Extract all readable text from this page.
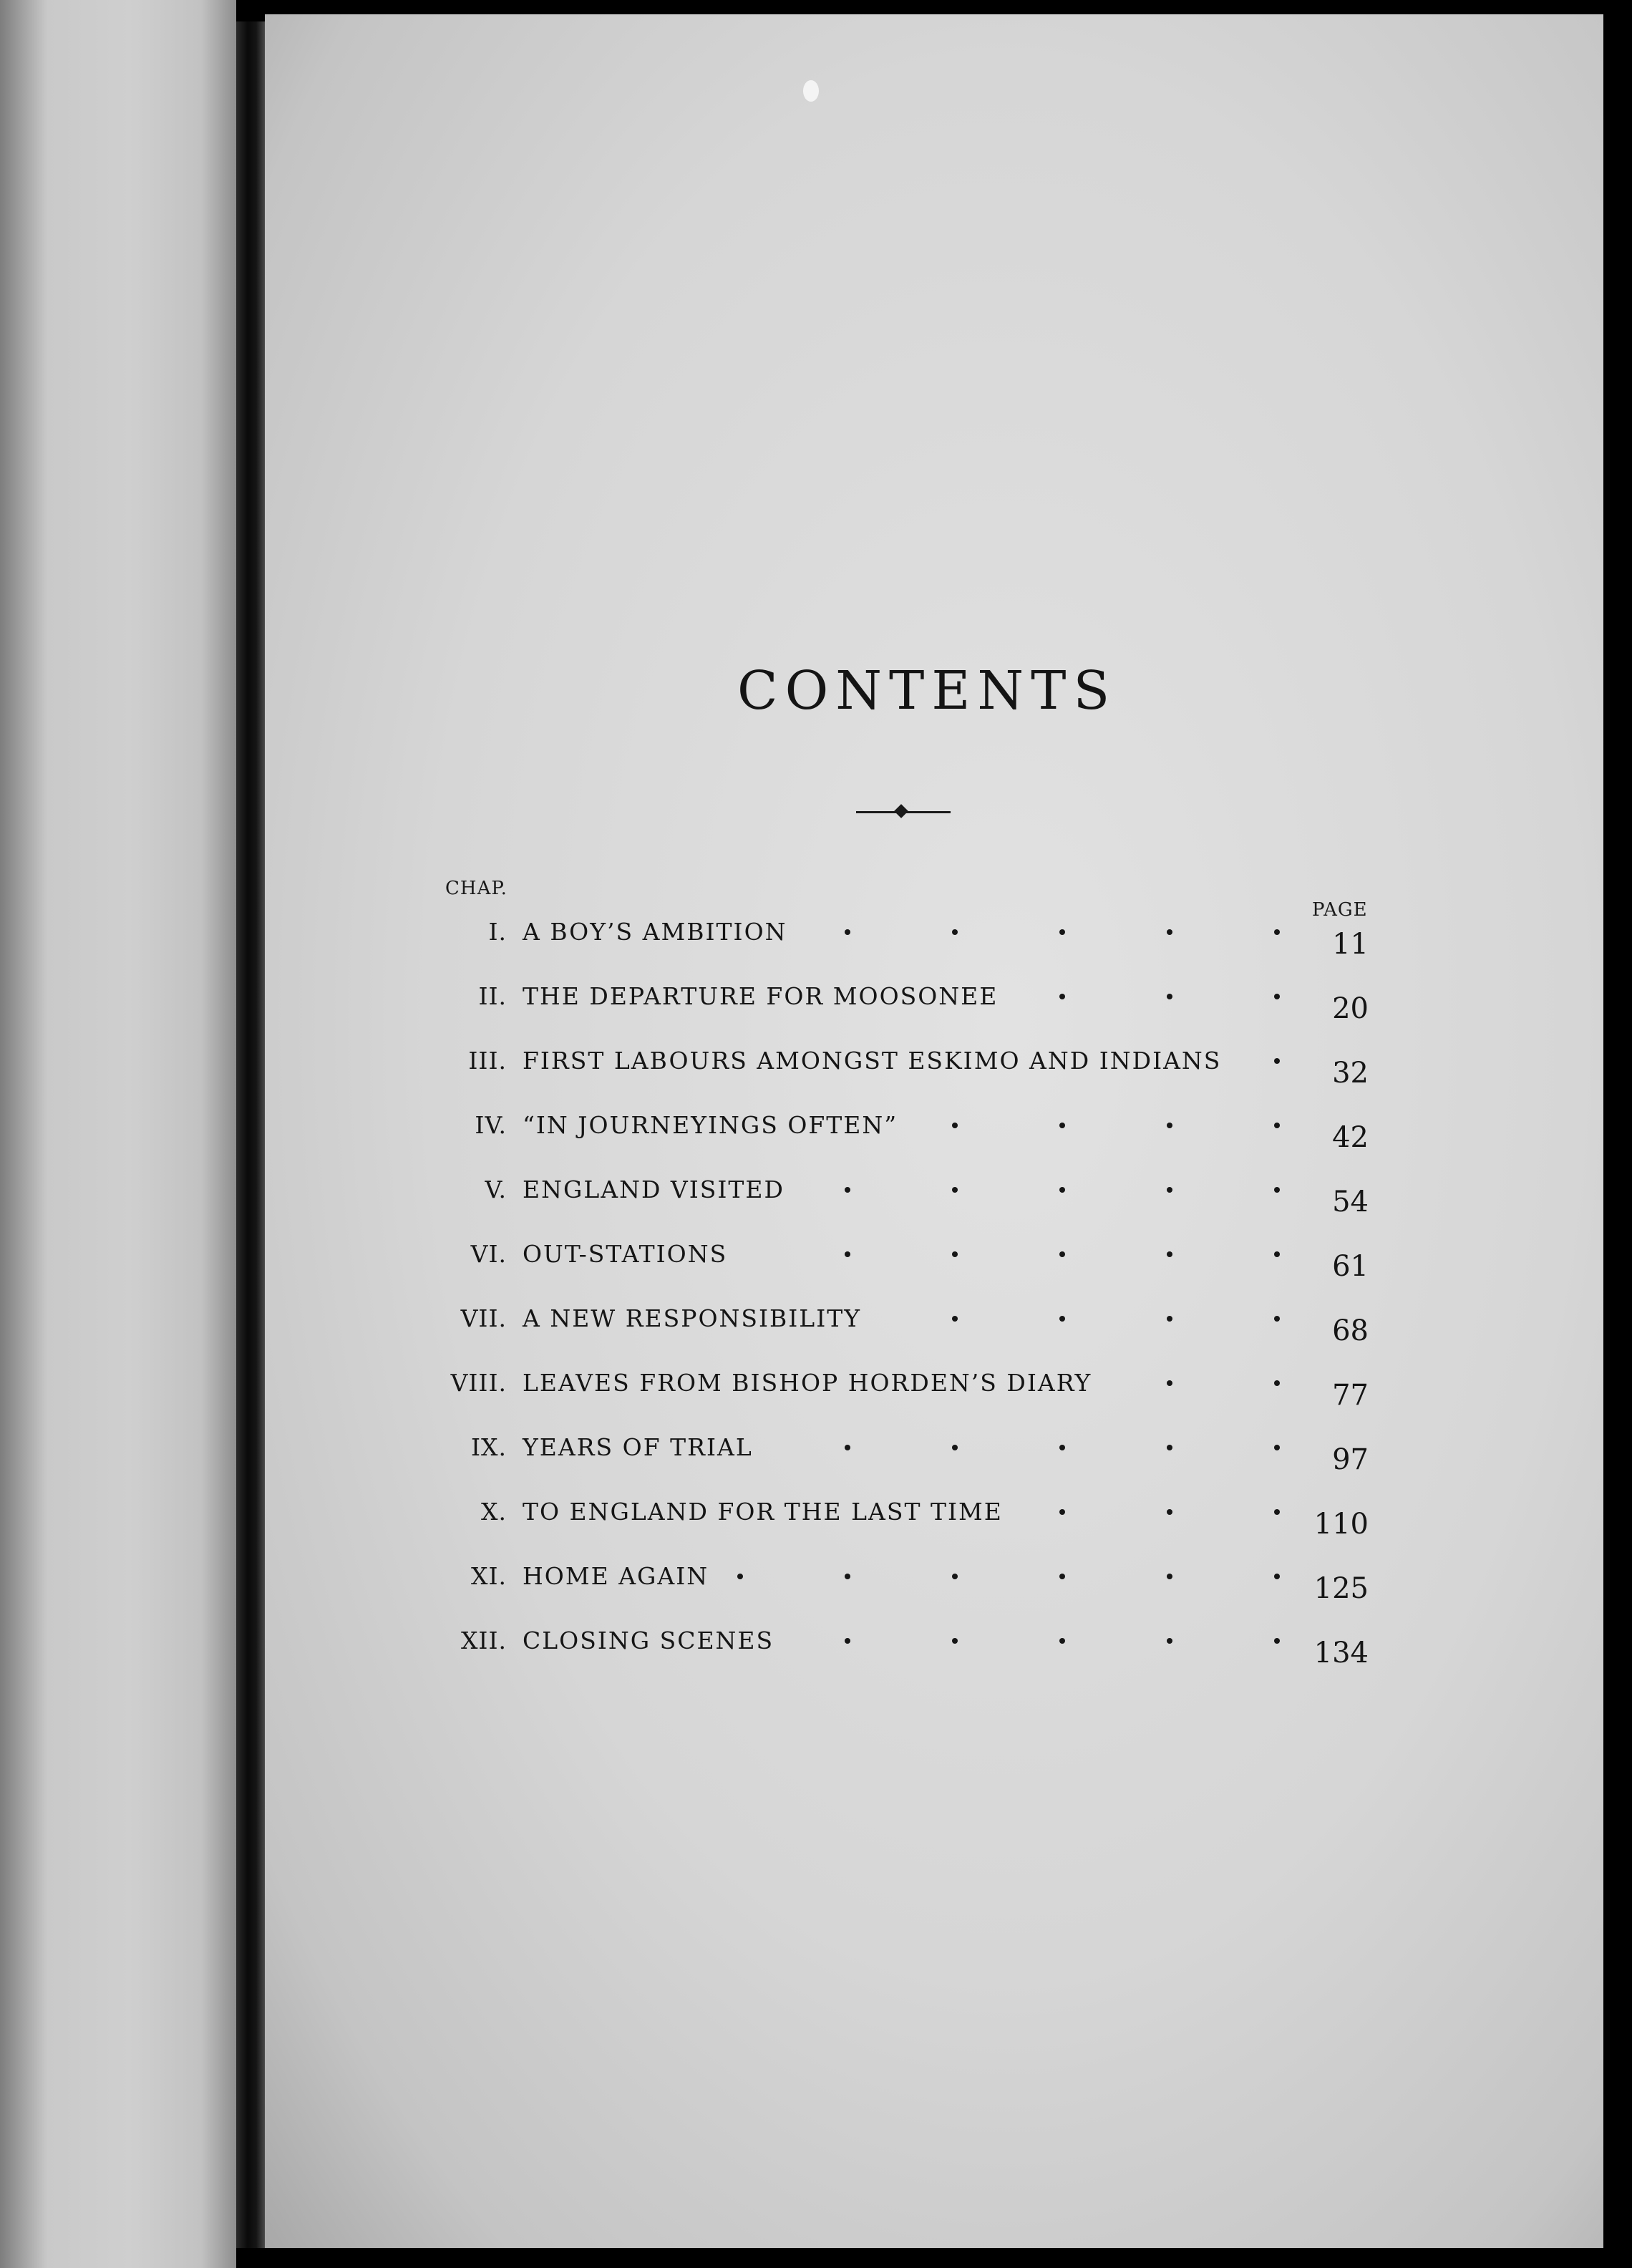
CONTENTS
CHAP.
PAGE
I. A BOY’S AMBITION	11
II. THE DEPARTURE FOR MOOSONEE	20
III. FIRST LABOURS AMONGST ESKIMO AND INDIANS	32
IV. “IN JOURNEYINGS OFTEN”	42
V. ENGLAND VISITED	54
VI. OUT-STATIONS	61
VII. A NEW RESPONSIBILITY	68
VIII. LEAVES FROM BISHOP HORDEN’S DIARY	77
IX. YEARS OF TRIAL	97
X. TO ENGLAND FOR THE LAST TIME	110
XI. HOME AGAIN	125
XII. CLOSING SCENES	134
